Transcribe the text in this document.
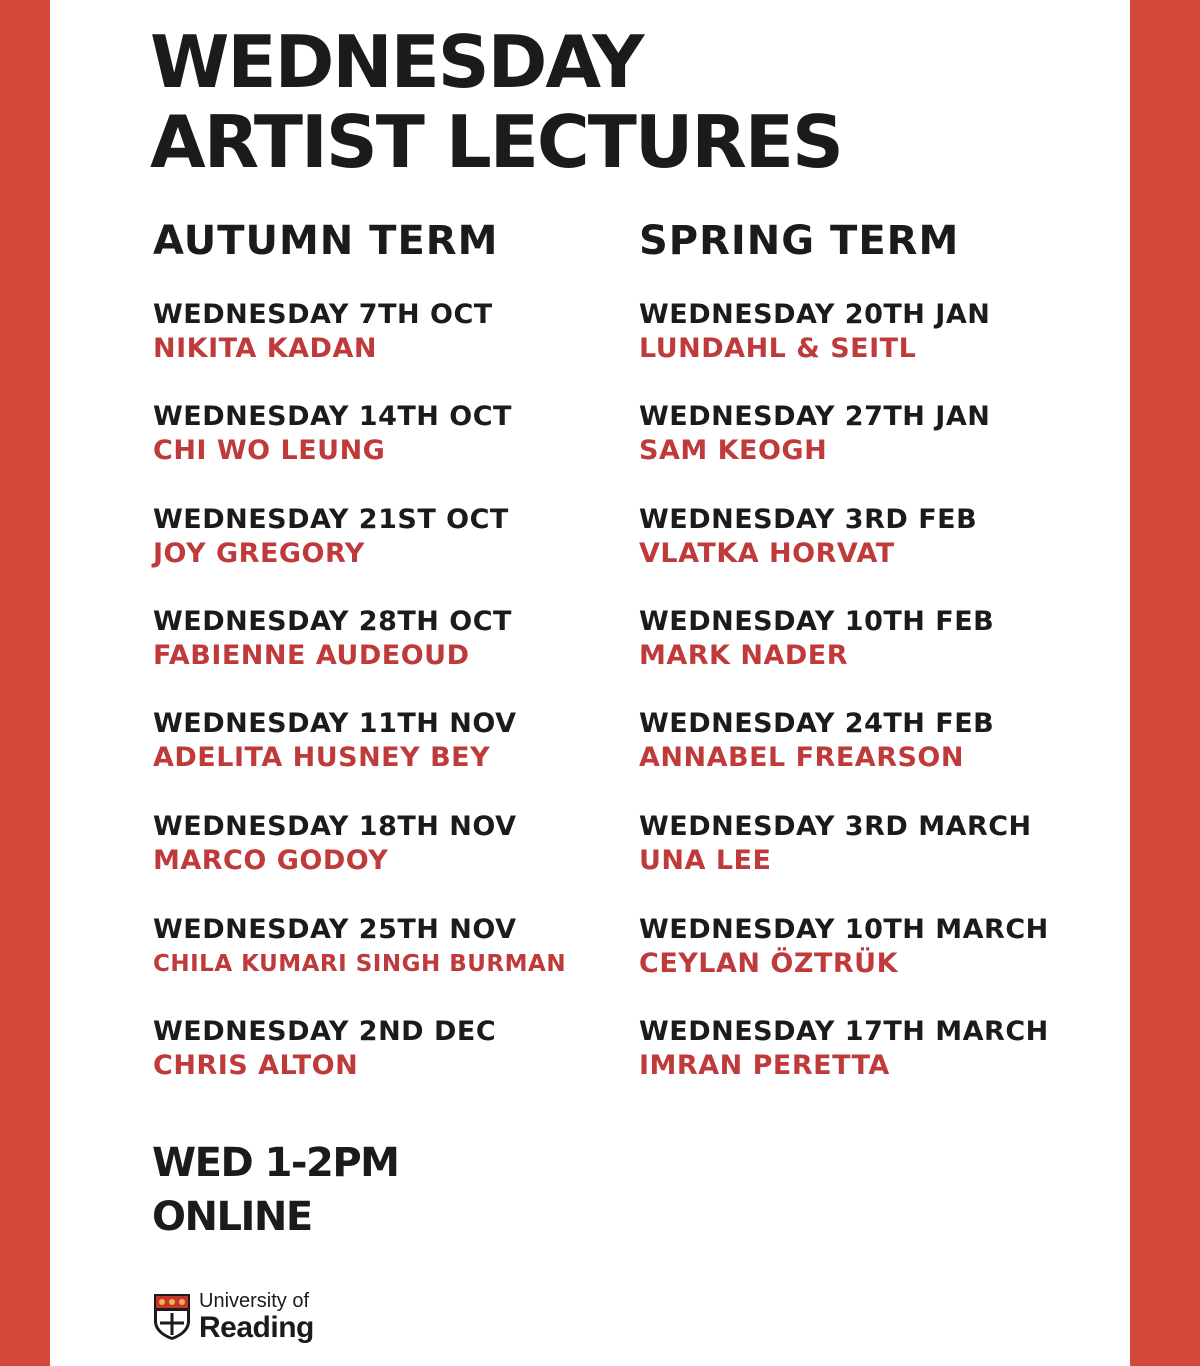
WEDNESDAY
ARTIST LECTURES
AUTUMN TERM	SPRING TERM
WEDNESDAY 7TH OCT
NIKITA KADAN
WEDNESDAY 14TH OCT
CHI WO LEUNG
WEDNESDAY 21ST OCT
JOY GREGORY
WEDNESDAY 28TH OCT
FABIENNE AUDEOUD
WEDNESDAY 11TH NOV
ADELITA HUSNEY BEY
WEDNESDAY 18TH NOV
MARCO GODOY
WEDNESDAY 25TH NOV
CHILA KUMARI SINGH BURMAN
WEDNESDAY 2ND DEC
CHRIS ALTON
WEDNESDAY 20TH JAN
LUNDAHL & SEITL
WEDNESDAY 27TH JAN
SAM KEOGH
WEDNESDAY 3RD FEB
VLATKA HORVAT
WEDNESDAY 10TH FEB
MARK NADER
WEDNESDAY 24TH FEB
ANNABEL FREARSON
WEDNESDAY 3RD MARCH
UNA LEE
WEDNESDAY 10TH MARCH
CEYLAN ÖZTRÜK
WEDNESDAY 17TH MARCH
IMRAN PERETTA
WED 1-2PM
ONLINE
University of
Reading
